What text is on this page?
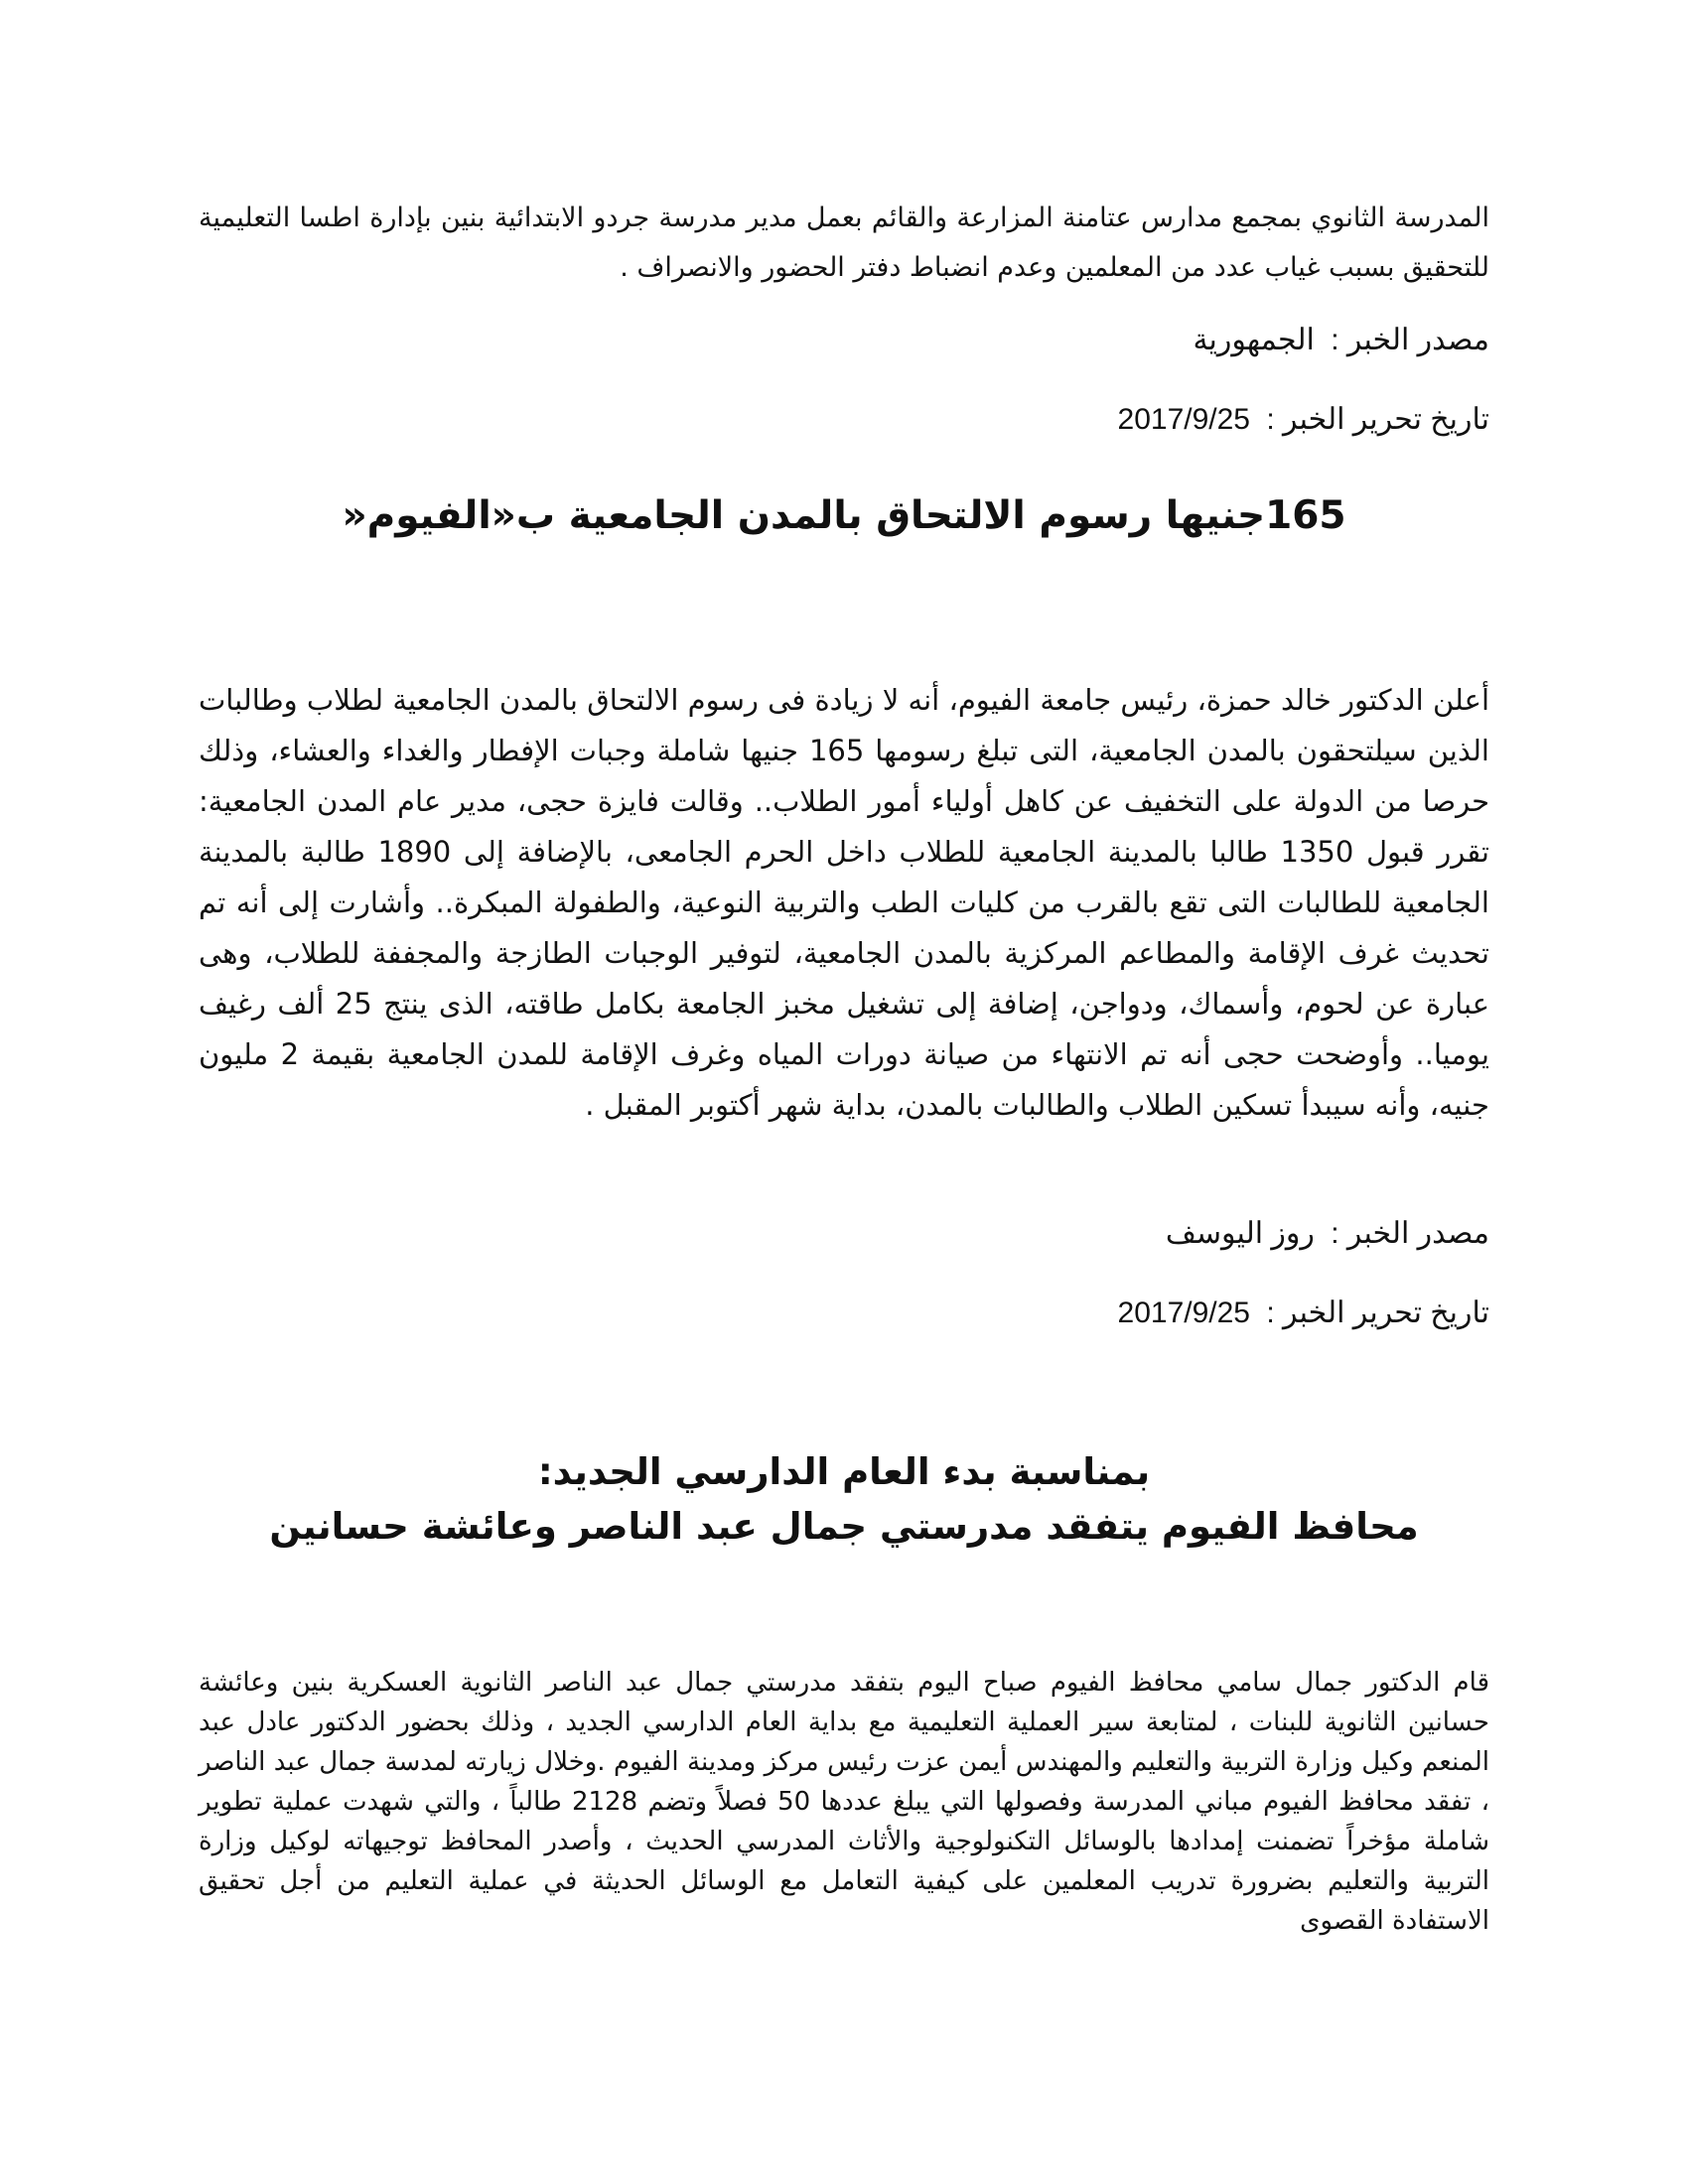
المدرسة الثانوي بمجمع مدارس عتامنة المزارعة والقائم بعمل مدير مدرسة جردو الابتدائية بنين بإدارة اطسا التعليمية للتحقيق بسبب غياب عدد من المعلمين وعدم انضباط دفتر الحضور والانصراف .

مصدر الخبر : الجمهورية

تاريخ تحرير الخبر : 2017/9/25

165جنيها رسوم الالتحاق بالمدن الجامعية ب«الفيوم«

أعلن الدكتور خالد حمزة، رئيس جامعة الفيوم، أنه لا زيادة فى رسوم الالتحاق بالمدن الجامعية لطلاب وطالبات الذين سيلتحقون بالمدن الجامعية، التى تبلغ رسومها 165 جنيها شاملة وجبات الإفطار والغداء والعشاء، وذلك حرصا من الدولة على التخفيف عن كاهل أولياء أمور الطلاب.. وقالت فايزة حجى، مدير عام المدن الجامعية: تقرر قبول 1350 طالبا بالمدينة الجامعية للطلاب داخل الحرم الجامعى، بالإضافة إلى 1890 طالبة بالمدينة الجامعية للطالبات التى تقع بالقرب من كليات الطب والتربية النوعية، والطفولة المبكرة.. وأشارت إلى أنه تم تحديث غرف الإقامة والمطاعم المركزية بالمدن الجامعية، لتوفير الوجبات الطازجة والمجففة للطلاب، وهى عبارة عن لحوم، وأسماك، ودواجن، إضافة إلى تشغيل مخبز الجامعة بكامل طاقته، الذى ينتج 25 ألف رغيف يوميا.. وأوضحت حجى أنه تم الانتهاء من صيانة دورات المياه وغرف الإقامة للمدن الجامعية بقيمة 2 مليون جنيه، وأنه سيبدأ تسكين الطلاب والطالبات بالمدن، بداية شهر أكتوبر المقبل .

مصدر الخبر : روز اليوسف

تاريخ تحرير الخبر : 2017/9/25

بمناسبة بدء العام الدارسي الجديد:
محافظ الفيوم يتفقد مدرستي جمال عبد الناصر وعائشة حسانين

قام الدكتور جمال سامي محافظ الفيوم صباح اليوم بتفقد مدرستي جمال عبد الناصر الثانوية العسكرية بنين وعائشة حسانين الثانوية للبنات ، لمتابعة سير العملية التعليمية مع بداية العام الدارسي الجديد ، وذلك بحضور الدكتور عادل عبد المنعم وكيل وزارة التربية والتعليم والمهندس أيمن عزت رئيس مركز ومدينة الفيوم .وخلال زيارته لمدسة جمال عبد الناصر ، تفقد محافظ الفيوم مباني المدرسة وفصولها التي يبلغ عددها 50 فصلاً وتضم 2128 طالباً ، والتي شهدت عملية تطوير شاملة مؤخراً تضمنت إمدادها بالوسائل التكنولوجية والأثاث المدرسي الحديث ، وأصدر المحافظ توجيهاته لوكيل وزارة التربية والتعليم بضرورة تدريب المعلمين على كيفية التعامل مع الوسائل الحديثة في عملية التعليم من أجل تحقيق الاستفادة القصوى
